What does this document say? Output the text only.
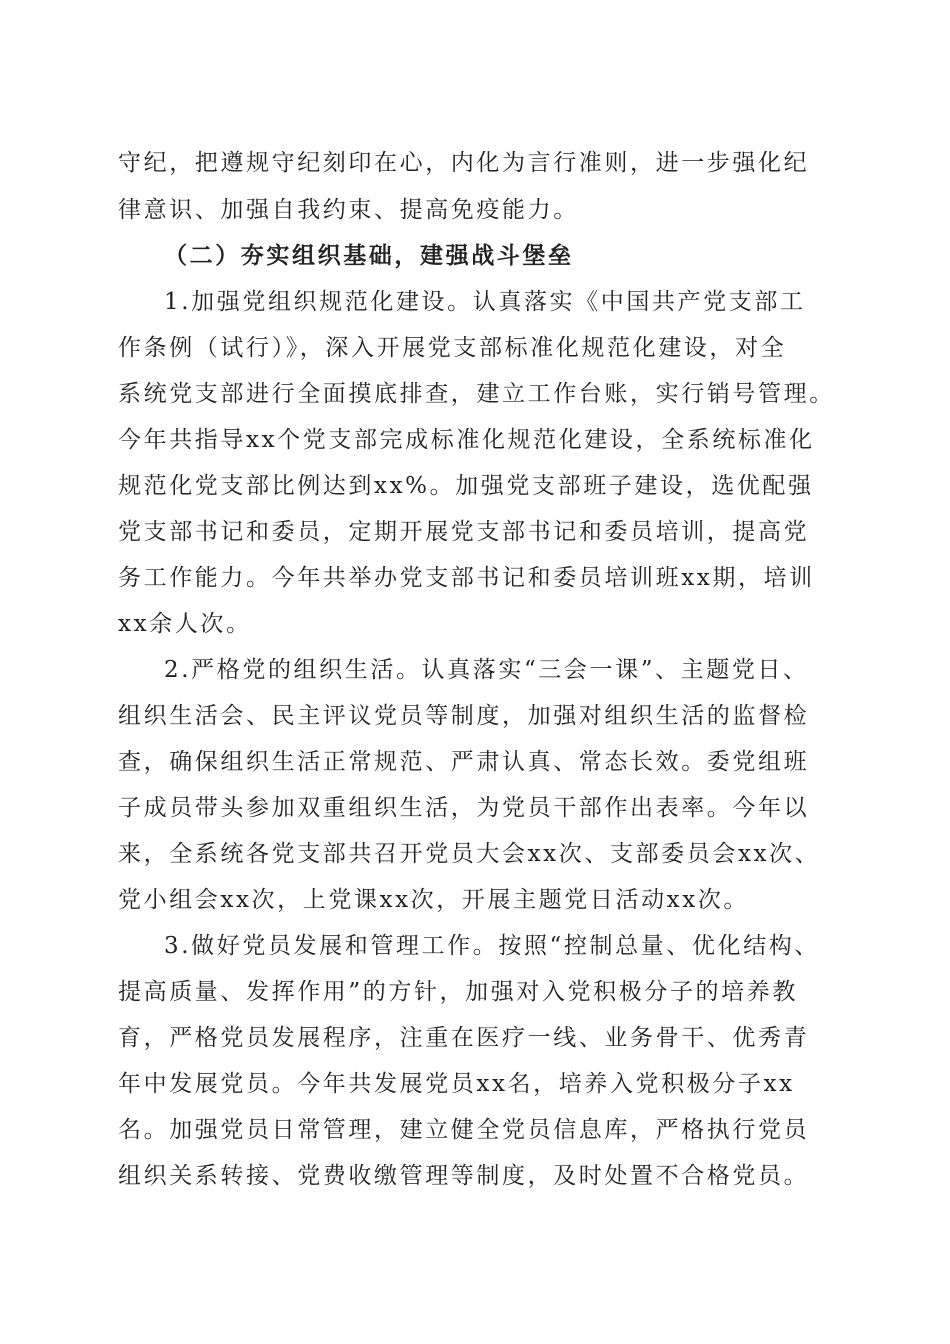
守纪，把遵规守纪刻印在心，内化为言行准则，进一步强化纪
律意识、加强自我约束、提高免疫能力。
（二）夯实组织基础，建强战斗堡垒
1.加强党组织规范化建设。认真落实《中国共产党支部工
作条例（试行）》，深入开展党支部标准化规范化建设，对全
系统党支部进行全面摸底排查，建立工作台账，实行销号管理。
今年共指导xx个党支部完成标准化规范化建设，全系统标准化
规范化党支部比例达到xx%。加强党支部班子建设，选优配强
党支部书记和委员，定期开展党支部书记和委员培训，提高党
务工作能力。今年共举办党支部书记和委员培训班xx期，培训
xx余人次。
2.严格党的组织生活。认真落实“三会一课”、主题党日、
组织生活会、民主评议党员等制度，加强对组织生活的监督检
查，确保组织生活正常规范、严肃认真、常态长效。委党组班
子成员带头参加双重组织生活，为党员干部作出表率。今年以
来，全系统各党支部共召开党员大会xx次、支部委员会xx次、
党小组会xx次，上党课xx次，开展主题党日活动xx次。
3.做好党员发展和管理工作。按照“控制总量、优化结构、
提高质量、发挥作用”的方针，加强对入党积极分子的培养教
育，严格党员发展程序，注重在医疗一线、业务骨干、优秀青
年中发展党员。今年共发展党员xx名，培养入党积极分子xx
名。加强党员日常管理，建立健全党员信息库，严格执行党员
组织关系转接、党费收缴管理等制度，及时处置不合格党员。
